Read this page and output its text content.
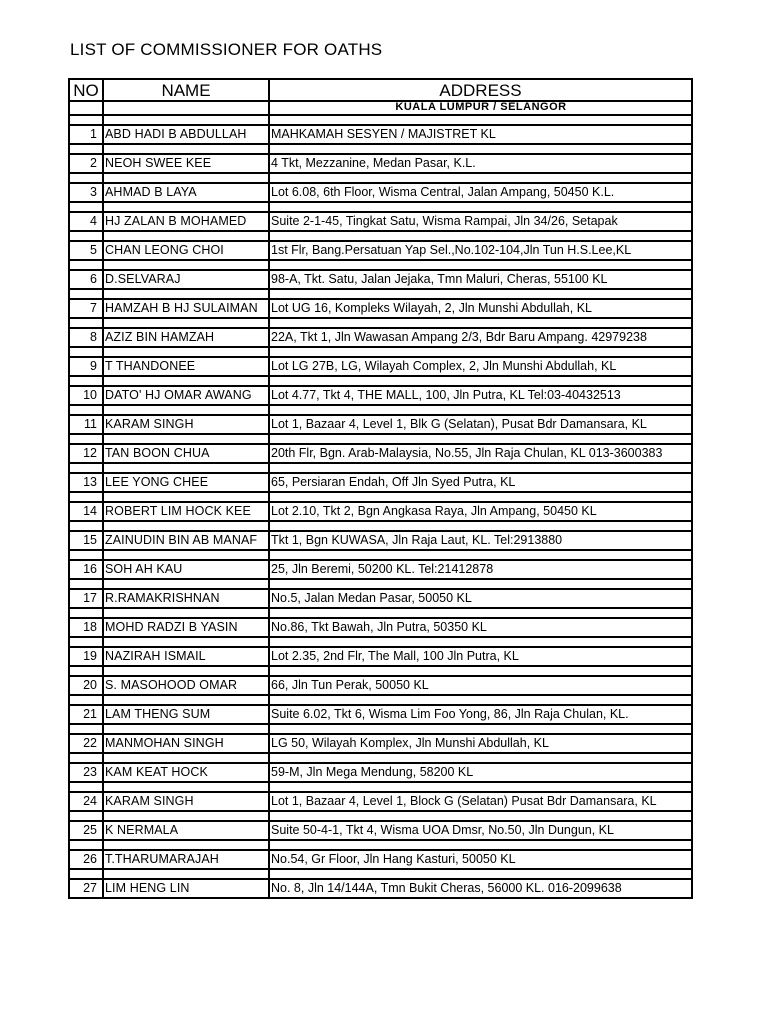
LIST OF COMMISSIONER FOR OATHS
NO	NAME	ADDRESS
		KUALA LUMPUR / SELANGOR

1	ABD HADI B ABDULLAH	MAHKAMAH SESYEN / MAJISTRET KL

2	NEOH SWEE KEE	4 Tkt, Mezzanine, Medan Pasar, K.L.

3	AHMAD B LAYA	Lot 6.08, 6th Floor, Wisma Central, Jalan Ampang, 50450 K.L.

4	HJ ZALAN B MOHAMED	Suite 2-1-45, Tingkat Satu, Wisma Rampai, Jln 34/26, Setapak

5	CHAN LEONG CHOI	1st Flr, Bang.Persatuan Yap Sel.,No.102-104,Jln Tun H.S.Lee,KL

6	D.SELVARAJ	98-A, Tkt. Satu, Jalan Jejaka, Tmn Maluri, Cheras, 55100 KL

7	HAMZAH B HJ SULAIMAN	Lot UG 16, Kompleks Wilayah, 2, Jln Munshi Abdullah, KL

8	AZIZ BIN HAMZAH	22A, Tkt 1, Jln Wawasan Ampang 2/3, Bdr Baru Ampang. 42979238

9	T THANDONEE	Lot LG 27B, LG, Wilayah Complex, 2, Jln Munshi Abdullah, KL

10	DATO' HJ OMAR AWANG	Lot 4.77, Tkt 4, THE MALL, 100, Jln Putra, KL Tel:03-40432513

11	KARAM SINGH	Lot 1, Bazaar 4, Level 1, Blk G (Selatan), Pusat Bdr Damansara, KL

12	TAN BOON CHUA	20th Flr, Bgn. Arab-Malaysia, No.55, Jln Raja Chulan, KL 013-3600383

13	LEE YONG CHEE	65, Persiaran Endah, Off Jln Syed Putra, KL

14	ROBERT LIM HOCK KEE	Lot 2.10, Tkt 2, Bgn Angkasa Raya, Jln Ampang, 50450 KL

15	ZAINUDIN BIN AB MANAF	Tkt 1, Bgn KUWASA, Jln Raja Laut, KL. Tel:2913880

16	SOH AH KAU	25, Jln Beremi, 50200 KL. Tel:21412878

17	R.RAMAKRISHNAN	No.5, Jalan Medan Pasar, 50050 KL

18	MOHD RADZI B YASIN	No.86, Tkt Bawah, Jln Putra, 50350 KL

19	NAZIRAH ISMAIL	Lot 2.35, 2nd Flr, The Mall, 100 Jln Putra, KL

20	S. MASOHOOD OMAR	66, Jln Tun Perak, 50050 KL

21	LAM THENG SUM	Suite 6.02, Tkt 6, Wisma Lim Foo Yong, 86, Jln Raja Chulan, KL.

22	MANMOHAN SINGH	LG 50, Wilayah Komplex, Jln Munshi Abdullah, KL

23	KAM KEAT HOCK	59-M, Jln Mega Mendung, 58200 KL

24	KARAM SINGH	Lot 1, Bazaar 4, Level 1, Block G (Selatan) Pusat Bdr Damansara, KL

25	K NERMALA	Suite 50-4-1, Tkt 4, Wisma UOA Dmsr, No.50, Jln Dungun, KL

26	T.THARUMARAJAH	No.54, Gr Floor, Jln Hang Kasturi, 50050 KL

27	LIM HENG LIN	No. 8, Jln 14/144A, Tmn Bukit Cheras, 56000 KL. 016-2099638
